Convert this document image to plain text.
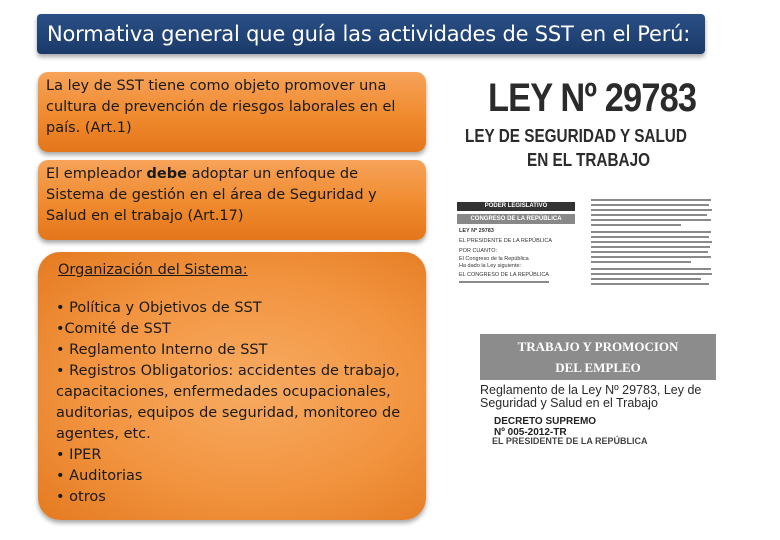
Normativa general que guía las actividades de SST en el Perú:
La ley de SST tiene como objeto promover una cultura de prevención de riesgos laborales en el país. (Art.1)
El empleador debe adoptar un enfoque de Sistema de gestión en el área de Seguridad y Salud en el trabajo (Art.17)
Organización del Sistema:
• Política y Objetivos de SST
•Comité de SST
• Reglamento Interno de SST
• Registros Obligatorios: accidentes de trabajo, capacitaciones, enfermedades ocupacionales, auditorias, equipos de seguridad, monitoreo de agentes, etc.
• IPER
• Auditorias
• otros
LEY Nº 29783
LEY DE SEGURIDAD Y SALUD
EN EL TRABAJO
PODER LEGISLATIVO
CONGRESO DE LA REPÚBLICA
LEY Nº 29783
EL PRESIDENTE DE LA REPÚBLICA
POR CUANTO:
El Congreso de la República
Ha dado la Ley siguiente:
EL CONGRESO DE LA REPÚBLICA
TRABAJO Y PROMOCION
DEL EMPLEO
Reglamento de la Ley Nº 29783, Ley de
Seguridad y Salud en el Trabajo
DECRETO SUPREMO
Nº 005-2012-TR
EL PRESIDENTE DE LA REPÚBLICA
